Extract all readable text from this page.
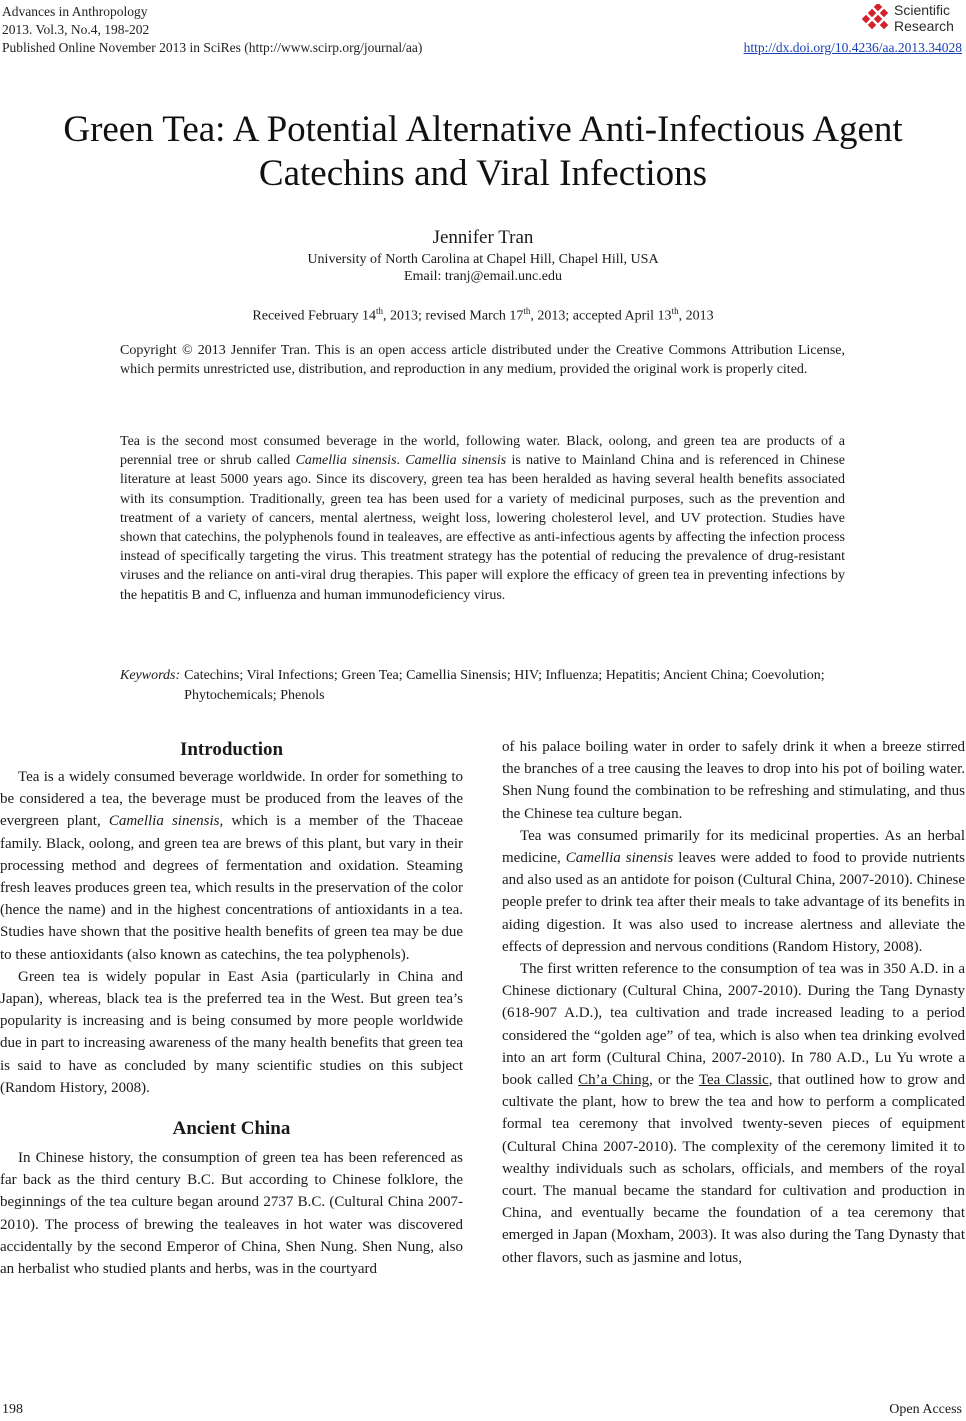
Advances in Anthropology
2013. Vol.3, No.4, 198-202
Published Online November 2013 in SciRes (http://www.scirp.org/journal/aa)
Scientific
Research
http://dx.doi.org/10.4236/aa.2013.34028
Green Tea: A Potential Alternative Anti-Infectious Agent
Catechins and Viral Infections
Jennifer Tran
University of North Carolina at Chapel Hill, Chapel Hill, USA
Email: tranj@email.unc.edu
Received February 14th, 2013; revised March 17th, 2013; accepted April 13th, 2013
Copyright © 2013 Jennifer Tran. This is an open access article distributed under the Creative Commons Attribution License, which permits unrestricted use, distribution, and reproduction in any medium, provided the original work is properly cited.
Tea is the second most consumed beverage in the world, following water. Black, oolong, and green tea are products of a perennial tree or shrub called Camellia sinensis. Camellia sinensis is native to Mainland China and is referenced in Chinese literature at least 5000 years ago. Since its discovery, green tea has been heralded as having several health benefits associated with its consumption. Traditionally, green tea has been used for a variety of medicinal purposes, such as the prevention and treatment of a variety of cancers, mental alertness, weight loss, lowering cholesterol level, and UV protection. Studies have shown that catechins, the polyphenols found in tealeaves, are effective as anti-infectious agents by affecting the infection process instead of specifically targeting the virus. This treatment strategy has the potential of reducing the prevalence of drug-resistant viruses and the reliance on anti-viral drug therapies. This paper will explore the efficacy of green tea in preventing infections by the hepatitis B and C, influenza and human immunodeficiency virus.
Keywords: Catechins; Viral Infections; Green Tea; Camellia Sinensis; HIV; Influenza; Hepatitis; Ancient China; Coevolution; Phytochemicals; Phenols
Introduction

Tea is a widely consumed beverage worldwide. In order for something to be considered a tea, the beverage must be produced from the leaves of the evergreen plant, Camellia sinensis, which is a member of the Thaceae family. Black, oolong, and green tea are brews of this plant, but vary in their processing method and degrees of fermentation and oxidation. Steaming fresh leaves produces green tea, which results in the preservation of the color (hence the name) and in the highest concentrations of antioxidants in a tea. Studies have shown that the positive health benefits of green tea may be due to these antioxidants (also known as catechins, the tea polyphenols).

Green tea is widely popular in East Asia (particularly in China and Japan), whereas, black tea is the preferred tea in the West. But green tea’s popularity is increasing and is being consumed by more people worldwide due in part to increasing awareness of the many health benefits that green tea is said to have as concluded by many scientific studies on this subject (Random History, 2008).

Ancient China

In Chinese history, the consumption of green tea has been referenced as far back as the third century B.C. But according to Chinese folklore, the beginnings of the tea culture began around 2737 B.C. (Cultural China 2007-2010). The process of brewing the tealeaves in hot water was discovered accidentally by the second Emperor of China, Shen Nung. Shen Nung, also an herbalist who studied plants and herbs, was in the courtyard

of his palace boiling water in order to safely drink it when a breeze stirred the branches of a tree causing the leaves to drop into his pot of boiling water. Shen Nung found the combination to be refreshing and stimulating, and thus the Chinese tea culture began.

Tea was consumed primarily for its medicinal properties. As an herbal medicine, Camellia sinensis leaves were added to food to provide nutrients and also used as an antidote for poison (Cultural China, 2007-2010). Chinese people prefer to drink tea after their meals to take advantage of its benefits in aiding digestion. It was also used to increase alertness and alleviate the effects of depression and nervous conditions (Random History, 2008).

The first written reference to the consumption of tea was in 350 A.D. in a Chinese dictionary (Cultural China, 2007-2010). During the Tang Dynasty (618-907 A.D.), tea cultivation and trade increased leading to a period considered the “golden age” of tea, which is also when tea drinking evolved into an art form (Cultural China, 2007-2010). In 780 A.D., Lu Yu wrote a book called Ch’a Ching, or the Tea Classic, that outlined how to grow and cultivate the plant, how to brew the tea and how to perform a complicated formal tea ceremony that involved twenty-seven pieces of equipment (Cultural China 2007-2010). The complexity of the ceremony limited it to wealthy individuals such as scholars, officials, and members of the royal court. The manual became the standard for cultivation and production in China, and eventually became the foundation of a tea ceremony that emerged in Japan (Moxham, 2003). It was also during the Tang Dynasty that other flavors, such as jasmine and lotus,

198	Open Access
